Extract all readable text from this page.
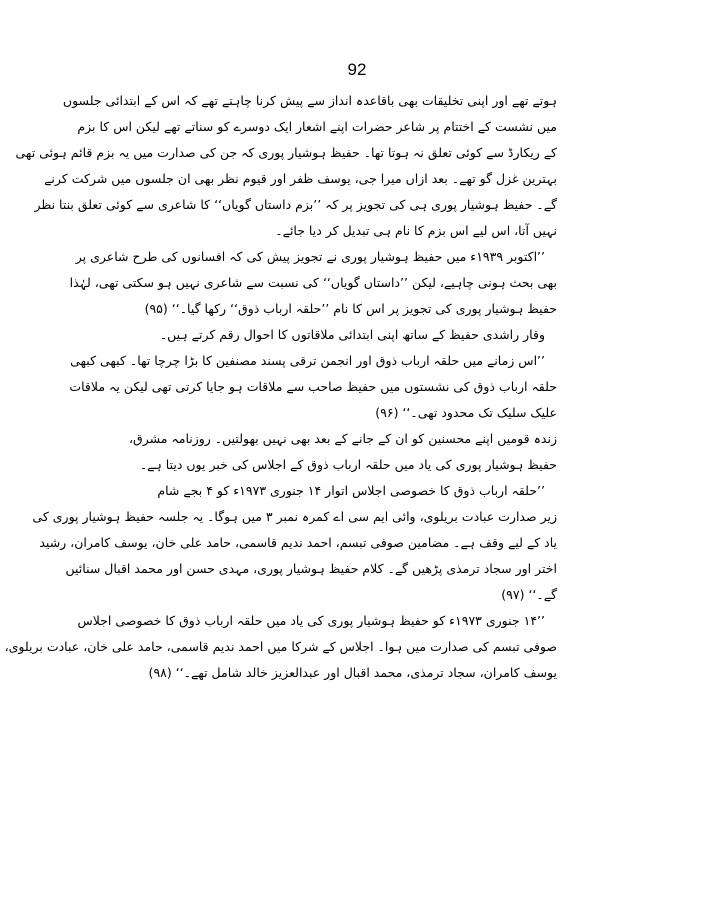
92
ہوتے تھے اور اپنی تخلیقات بھی باقاعدہ انداز سے پیش کرنا چاہتے تھے کہ اس کے ابتدائی جلسوں
میں نشست کے اختتام پر شاعر حضرات اپنے اشعار ایک دوسرے کو سناتے تھے لیکن اس کا بزم
کے ریکارڈ سے کوئی تعلق نہ ہوتا تھا۔ حفیظ ہوشیار پوری کہ جن کی صدارت میں یہ بزم قائم ہوئی تھی
بہترین غزل گو تھے۔ بعد ازاں میرا جی، یوسف ظفر اور قیوم نظر بھی ان جلسوں میں شرکت کرنے
گے۔ حفیظ ہوشیار پوری ہی کی تجویز پر کہ ’’بزم داستاں گویاں‘‘ کا شاعری سے کوئی تعلق بنتا نظر
نہیں آتا، اس لیے اس بزم کا نام ہی تبدیل کر دیا جائے۔
’’اکتوبر ۱۹۳۹ء میں حفیظ ہوشیار پوری نے تجویز پیش کی کہ افسانوں کی طرح شاعری پر
بھی بحث ہونی چاہیے، لیکن ’’داستاں گویاں‘‘ کی نسبت سے شاعری نہیں ہو سکتی تھی، لہٰذا
حفیظ ہوشیار پوری کی تجویز پر اس کا نام ’’حلقہ ارباب ذوق‘‘ رکھا گیا۔‘‘ (۹۵)
وقار راشدی حفیظ کے ساتھ اپنی ابتدائی ملاقاتوں کا احوال رقم کرتے ہیں۔
’’اس زمانے میں حلقہ ارباب ذوق اور انجمن ترقی پسند مصنفین کا بڑا چرچا تھا۔ کبھی کبھی
حلقہ ارباب ذوق کی نشستوں میں حفیظ صاحب سے ملاقات ہو جایا کرتی تھی لیکن یہ ملاقات
علیک سلیک تک محدود تھی۔‘‘ (۹۶)
زندہ قومیں اپنے محسنین کو ان کے جانے کے بعد بھی نہیں بھولتیں۔ روزنامہ مشرق،
حفیظ ہوشیار پوری کی یاد میں حلقہ ارباب ذوق کے اجلاس کی خبر یوں دیتا ہے۔
’’حلقہ ارباب ذوق کا خصوصی اجلاس اتوار ۱۴ جنوری ۱۹۷۳ء کو ۴ بجے شام
زیر صدارت عبادت بریلوی، وائی ایم سی اے کمرہ نمبر ۳ میں ہوگا۔ یہ جلسہ حفیظ ہوشیار پوری کی
یاد کے لیے وقف ہے۔ مضامین صوفی تبسم، احمد ندیم قاسمی، حامد علی خان، یوسف کامران، رشید
اختر اور سجاد ترمذی پڑھیں گے۔ کلام حفیظ ہوشیار پوری، مہدی حسن اور محمد اقبال سنائیں
گے۔‘‘ (۹۷)
’’۱۴ جنوری ۱۹۷۳ء کو حفیظ ہوشیار پوری کی یاد میں حلقہ ارباب ذوق کا خصوصی اجلاس
صوفی تبسم کی صدارت میں ہوا۔ اجلاس کے شرکا میں احمد ندیم قاسمی، حامد علی خان، عبادت بریلوی،
یوسف کامران، سجاد ترمذی، محمد اقبال اور عبدالعزیز خالد شامل تھے۔‘‘ (۹۸)
